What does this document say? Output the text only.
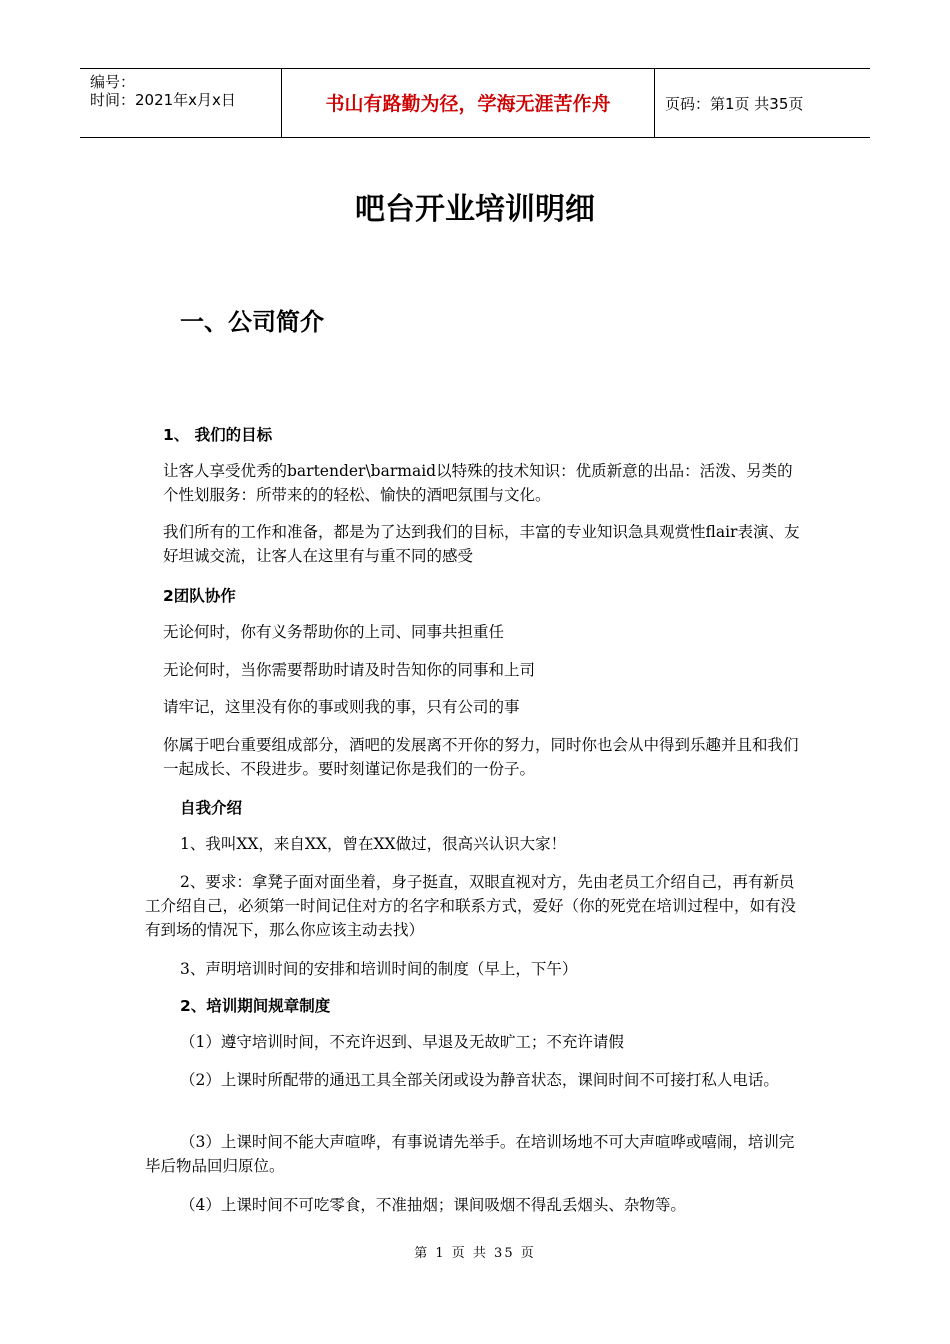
编号：
时间：2021年x月x日	书山有路勤为径，学海无涯苦作舟	页码：第1页 共35页
吧台开业培训明细
一、公司简介
1、 我们的目标
让客人享受优秀的bartender\barmaid以特殊的技术知识：优质新意的出品：活泼、另类的个性划服务：所带来的的轻松、愉快的酒吧氛围与文化。
我们所有的工作和准备，都是为了达到我们的目标，丰富的专业知识急具观赏性flair表演、友好坦诚交流，让客人在这里有与重不同的感受
2团队协作
无论何时，你有义务帮助你的上司、同事共担重任
无论何时，当你需要帮助时请及时告知你的同事和上司
请牢记，这里没有你的事或则我的事，只有公司的事
你属于吧台重要组成部分，酒吧的发展离不开你的努力，同时你也会从中得到乐趣并且和我们一起成长、不段进步。要时刻谨记你是我们的一份子。
自我介绍
1、我叫XX，来自XX，曾在XX做过，很高兴认识大家！
2、要求：拿凳子面对面坐着，身子挺直，双眼直视对方，先由老员工介绍自己，再有新员工介绍自己，必须第一时间记住对方的名字和联系方式，爱好（你的死党在培训过程中，如有没有到场的情况下，那么你应该主动去找）
3、声明培训时间的安排和培训时间的制度（早上，下午）
2、培训期间规章制度
（1）遵守培训时间，不充许迟到、早退及无故旷工；不充许请假
（2）上课时所配带的通迅工具全部关闭或设为静音状态，课间时间不可接打私人电话。
（3）上课时间不能大声喧哗，有事说请先举手。在培训场地不可大声喧哗或嘻闹，培训完毕后物品回归原位。
（4）上课时间不可吃零食，不准抽烟；课间吸烟不得乱丢烟头、杂物等。
第 1 页 共 35 页
